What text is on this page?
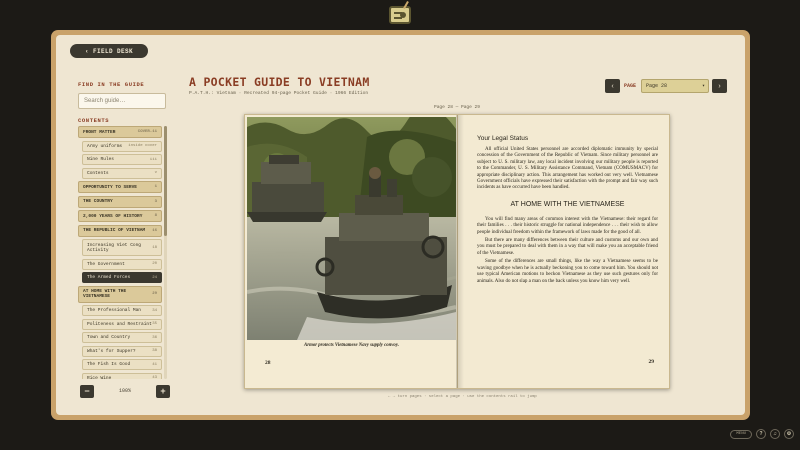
‹ FIELD DESK
FIND IN THE GUIDE
Search guide…
CONTENTS
FRONT MATTER	COVER-11
Army uniforms inside cover
Nine Rules	iii
Contents	v
OPPORTUNITY TO SERVE	1
THE COUNTRY	3
2,000 YEARS OF HISTORY	8
THE REPUBLIC OF VIETNAM 16
Increasing Viet Cong Activity	18
The Government	20
The Armed Forces	24
AT HOME WITH THE VIETNAMESE	29
The Professional Man	34
Politeness and Restraint 35
Town and Country	36
What's for Supper?	38
The Fish Is Good	41
Rice Wine	43
−	100%	+
A POCKET GUIDE TO VIETNAM
P.A.T.H.: Vietnam · Recreated 94-page Pocket Guide · 1966 Edition
‹	PAGE Page 28	▾	›
Page 28 — Page 29
Armor protects Vietnamese Navy supply convoy.
28
Your Legal Status
All official United States personnel are accorded diplomatic immunity by special concession of the Government of the Republic of Vietnam. Since military personnel are subject to U. S. military law, any local incident involving our military people is reported to the Commander, U. S. Military Assistance Command, Vietnam (COMUSMACV) for appropriate disciplinary action. This arrangement has worked out very well. Vietnamese Government officials have expressed their satisfaction with the prompt and fair way such incidents as have occurred have been handled.
AT HOME WITH THE VIETNAMESE
You will find many areas of common interest with the Vietnamese: their regard for their families . . . their historic struggle for national independence . . . their wish to allow people individual freedom within the framework of laws made for the good of all.
But there are many differences between their culture and customs and our own and you must be prepared to deal with them in a way that will make you an acceptable friend of the Vietnamese.
Some of the differences are small things, like the way a Vietnamese seems to be waving goodbye when he is actually beckoning you to come toward him. You should not use typical American motions to beckon Vietnamese as they use such gestures only for animals. Also do not slap a man on the back unless you know him very well.
29
← → turn pages · select a page · use the contents rail to jump
MENU	?	♫	⚙
